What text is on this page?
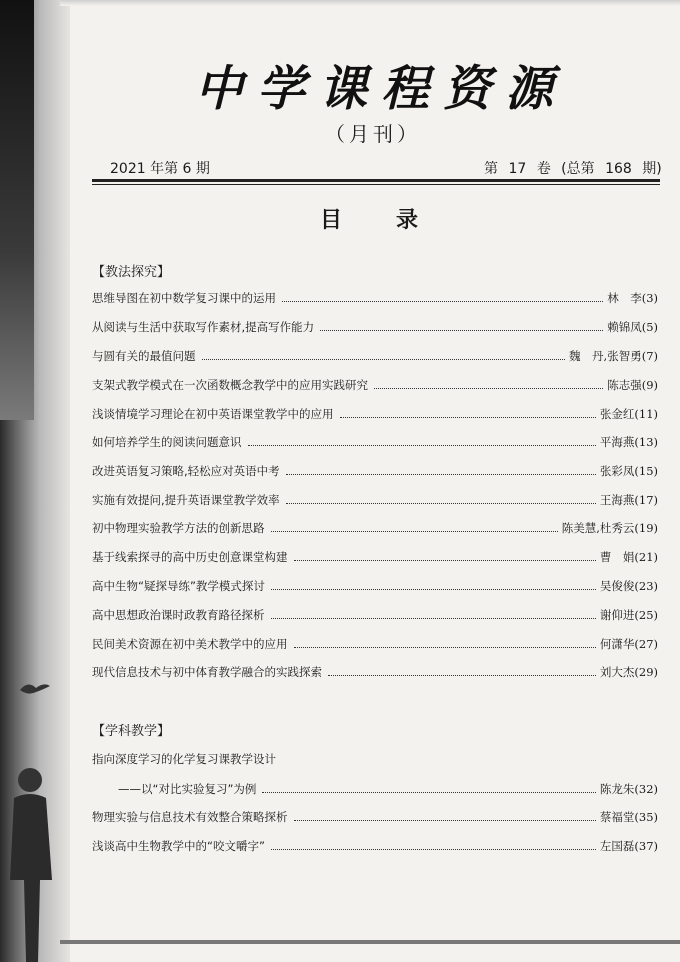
中学课程资源
（月刊）
2021 年第 6 期	第 17 卷 (总第 168 期)
目录
【 教法探究 】
思维导图在初中数学复习课中的运用	林　李(3)
从阅读与生活中获取写作素材,提高写作能力	赖锦凤(5)
与圆有关的最值问题	魏　丹,张智勇(7)
支架式教学模式在一次函数概念教学中的应用实践研究	陈志强(9)
浅谈情境学习理论在初中英语课堂教学中的应用	张金红(11)
如何培养学生的阅读问题意识	平海燕(13)
改进英语复习策略,轻松应对英语中考	张彩凤(15)
实施有效提问,提升英语课堂教学效率	王海燕(17)
初中物理实验教学方法的创新思路	陈美慧,杜秀云(19)
基于线索探寻的高中历史创意课堂构建	曹　娟(21)
高中生物“疑探导练”教学模式探讨	吴俊俊(23)
高中思想政治课时政教育路径探析	谢仰进(25)
民间美术资源在初中美术教学中的应用	何潇华(27)
现代信息技术与初中体育教学融合的实践探索	刘大杰(29)
【 学科教学 】
指向深度学习的化学复习课教学设计
——以“对比实验复习”为例	陈龙朱(32)
物理实验与信息技术有效整合策略探析	蔡福堂(35)
浅谈高中生物教学中的“咬文嚼字”	左国磊(37)
